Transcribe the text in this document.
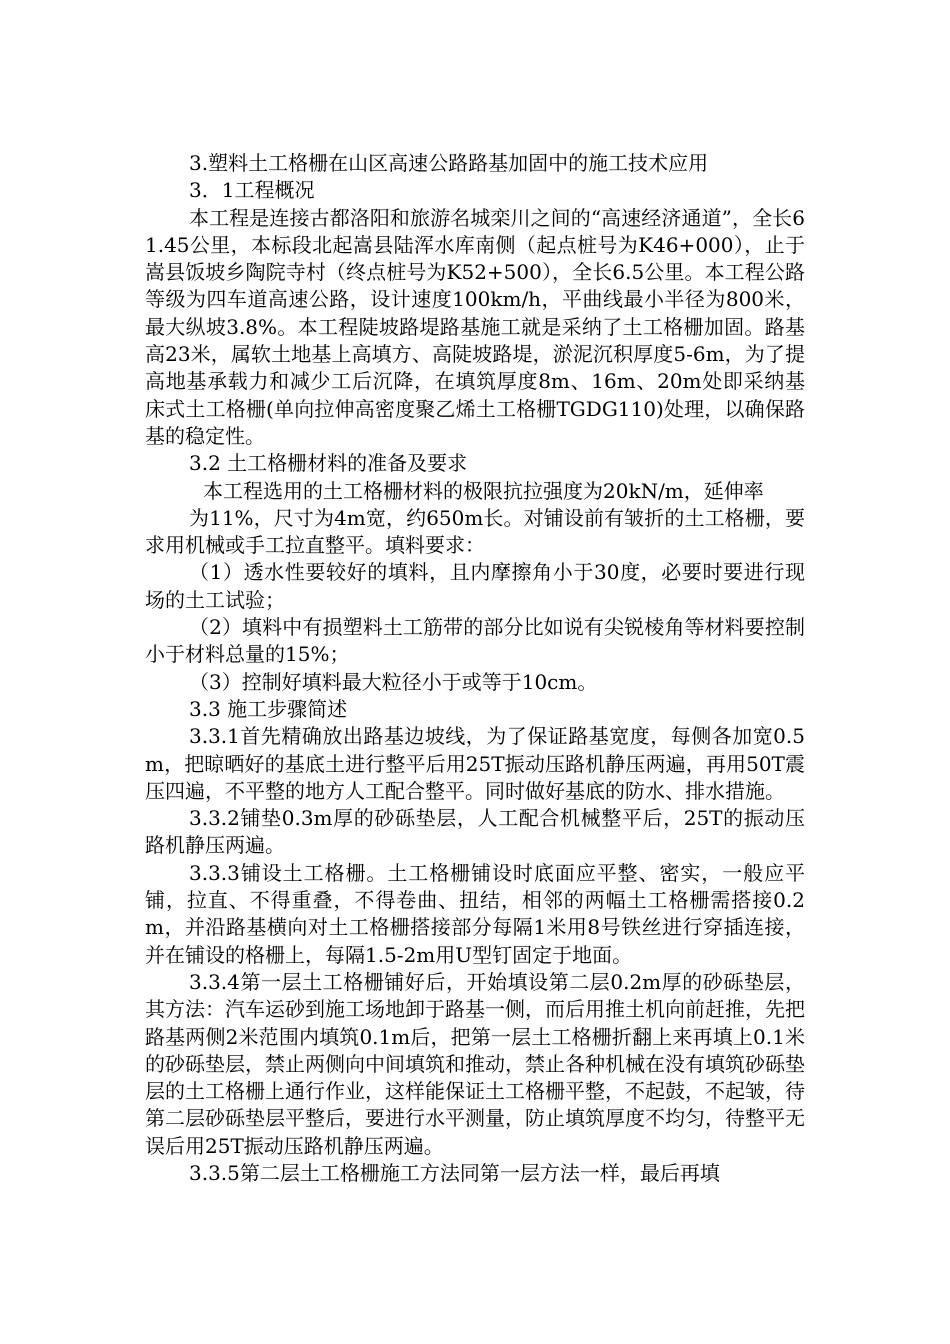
3.塑料土工格栅在山区高速公路路基加固中的施工技术应用

3．1工程概况

本工程是连接古都洛阳和旅游名城栾川之间的“高速经济通道”，全长61.45公里，本标段北起嵩县陆浑水库南侧（起点桩号为K46+000），止于嵩县饭坡乡陶院寺村（终点桩号为K52+500），全长6.5公里。本工程公路等级为四车道高速公路，设计速度100km/h，平曲线最小半径为800米，最大纵坡3.8%。本工程陡坡路堤路基施工就是采纳了土工格栅加固。路基高23米，属软土地基上高填方、高陡坡路堤，淤泥沉积厚度5-6m，为了提高地基承载力和减少工后沉降，在填筑厚度8m、16m、20m处即采纳基床式土工格栅(单向拉伸高密度聚乙烯土工格栅TGDG110)处理，以确保路基的稳定性。

3.2 土工格栅材料的准备及要求

本工程选用的土工格栅材料的极限抗拉强度为20kN/m，延伸率

为11%，尺寸为4m宽，约650m长。对铺设前有皱折的土工格栅，要求用机械或手工拉直整平。填料要求：

（1）透水性要较好的填料，且内摩擦角小于30度，必要时要进行现场的土工试验；

（2）填料中有损塑料土工筋带的部分比如说有尖锐棱角等材料要控制小于材料总量的15%；

（3）控制好填料最大粒径小于或等于10cm。

3.3 施工步骤简述

3.3.1首先精确放出路基边坡线，为了保证路基宽度，每侧各加宽0.5m，把晾晒好的基底土进行整平后用25T振动压路机静压两遍，再用50T震压四遍，不平整的地方人工配合整平。同时做好基底的防水、排水措施。

3.3.2铺垫0.3m厚的砂砾垫层，人工配合机械整平后，25T的振动压路机静压两遍。

3.3.3铺设土工格栅。土工格栅铺设时底面应平整、密实，一般应平铺，拉直、不得重叠，不得卷曲、扭结，相邻的两幅土工格栅需搭接0.2m，并沿路基横向对土工格栅搭接部分每隔1米用8号铁丝进行穿插连接，并在铺设的格栅上，每隔1.5-2m用U型钉固定于地面。

3.3.4第一层土工格栅铺好后，开始填设第二层0.2m厚的砂砾垫层，其方法：汽车运砂到施工场地卸于路基一侧，而后用推土机向前赶推，先把路基两侧2米范围内填筑0.1m后，把第一层土工格栅折翻上来再填上0.1米的砂砾垫层，禁止两侧向中间填筑和推动，禁止各种机械在没有填筑砂砾垫层的土工格栅上通行作业，这样能保证土工格栅平整，不起鼓，不起皱，待第二层砂砾垫层平整后，要进行水平测量，防止填筑厚度不均匀，待整平无误后用25T振动压路机静压两遍。

3.3.5第二层土工格栅施工方法同第一层方法一样，最后再填
